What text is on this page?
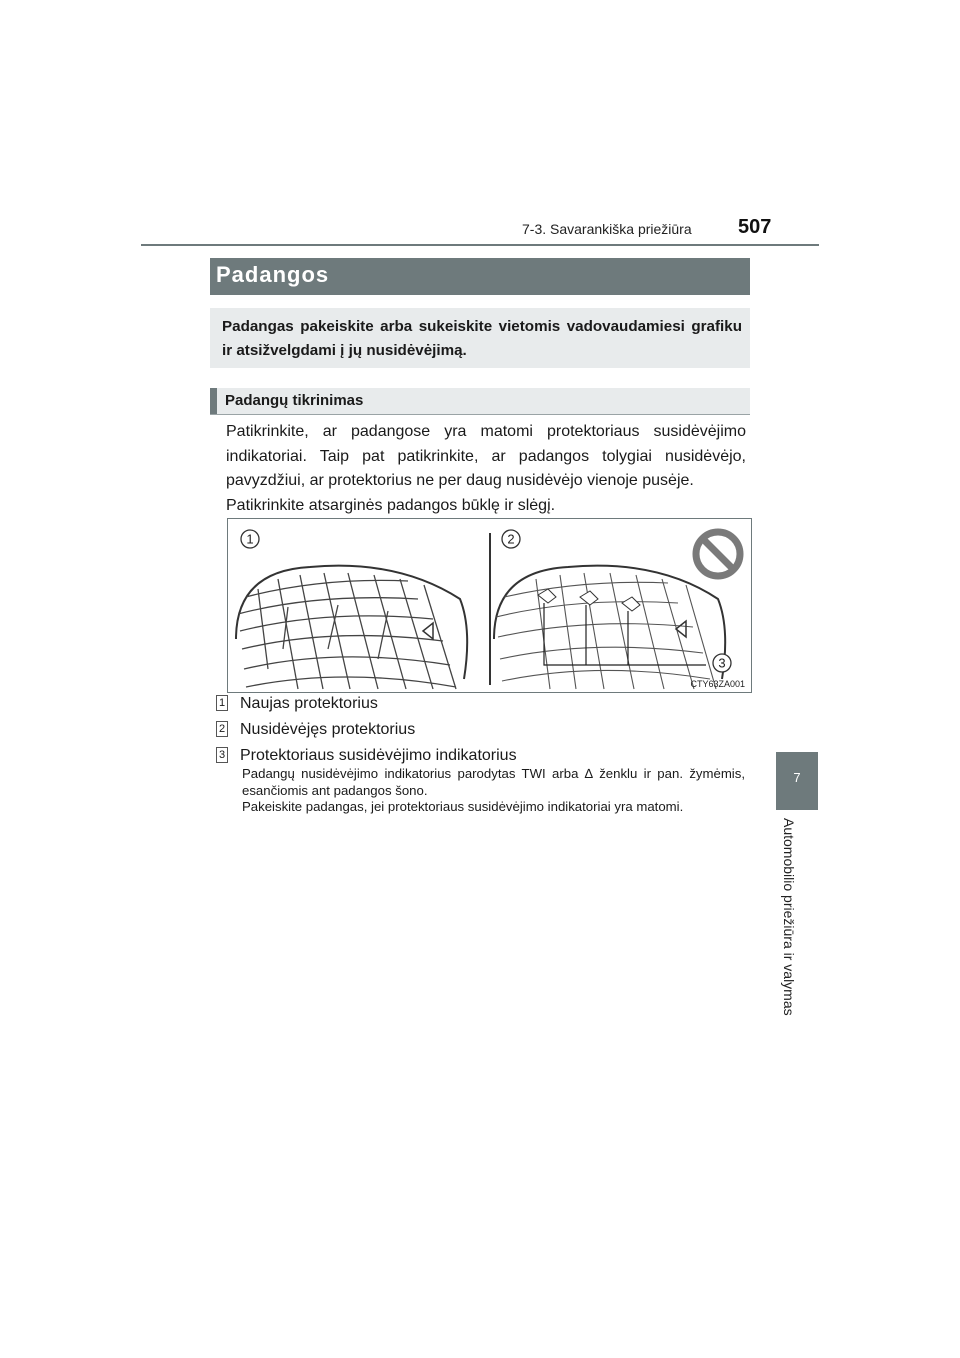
7-3. Savarankiška priežiūra 507
7
Automobilio priežiūra ir valymas
Padangos
Padangas pakeiskite arba sukeiskite vietomis vadovaudamiesi grafiku ir atsižvelgdami į jų nusidėvėjimą.
Padangų tikrinimas

Patikrinkite, ar padangose yra matomi protektoriaus susidėvėjimo indikatoriai. Taip pat patikrinkite, ar padangos tolygiai nusidėvėjo, pavyzdžiui, ar protektorius ne per daug nusidėvėjo vienoje pusėje.

Patikrinkite atsarginės padangos būklę ir slėgį.

1	2
3
CTY63ZA001
1 Naujas protektorius
2 Nusidėvėjęs protektorius
3 Protektoriaus susidėvėjimo indikatorius

Padangų nusidėvėjimo indikatorius parodytas TWI arba ∆ ženklu ir pan. žymėmis, esančiomis ant padangos šono.

Pakeiskite padangas, jei protektoriaus susidėvėjimo indikatoriai yra matomi.
